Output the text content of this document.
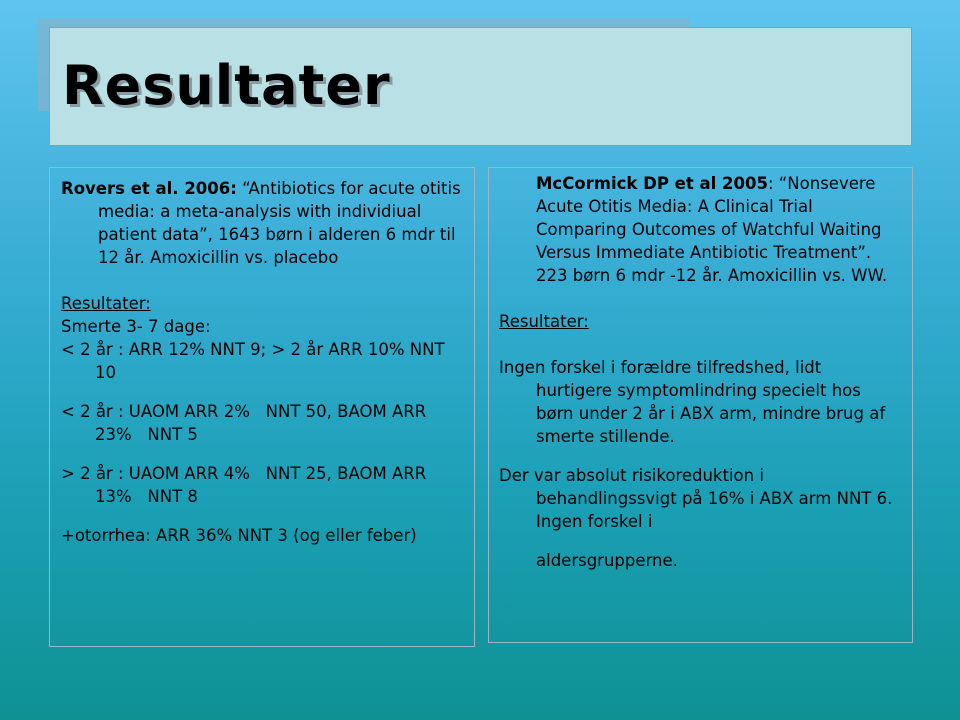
Resultater

Rovers et al. 2006: “Antibiotics for acute otitis media: a meta-analysis with individiual patient data”, 1643 børn i alderen 6 mdr til 12 år. Amoxicillin vs. placebo

Resultater:

Smerte 3- 7 dage:

< 2 år : ARR 12% NNT 9; > 2 år ARR 10% NNT 10

< 2 år : UAOM ARR 2%   NNT 50, BAOM ARR 23%   NNT 5

> 2 år : UAOM ARR 4%   NNT 25, BAOM ARR 13%   NNT 8

+otorrhea: ARR 36% NNT 3 (og eller feber)

McCormick DP et al 2005: “Nonsevere Acute Otitis Media: A Clinical Trial Comparing Outcomes of Watchful Waiting Versus Immediate Antibiotic Treatment”. 223 børn 6 mdr -12 år. Amoxicillin vs. WW.

Resultater:

Ingen forskel i forældre tilfredshed, lidt hurtigere symptomlindring specielt hos børn under 2 år i ABX arm, mindre brug af smerte stillende.

Der var absolut risikoreduktion i behandlingssvigt på 16% i ABX arm NNT 6. Ingen forskel i

aldersgrupperne.
